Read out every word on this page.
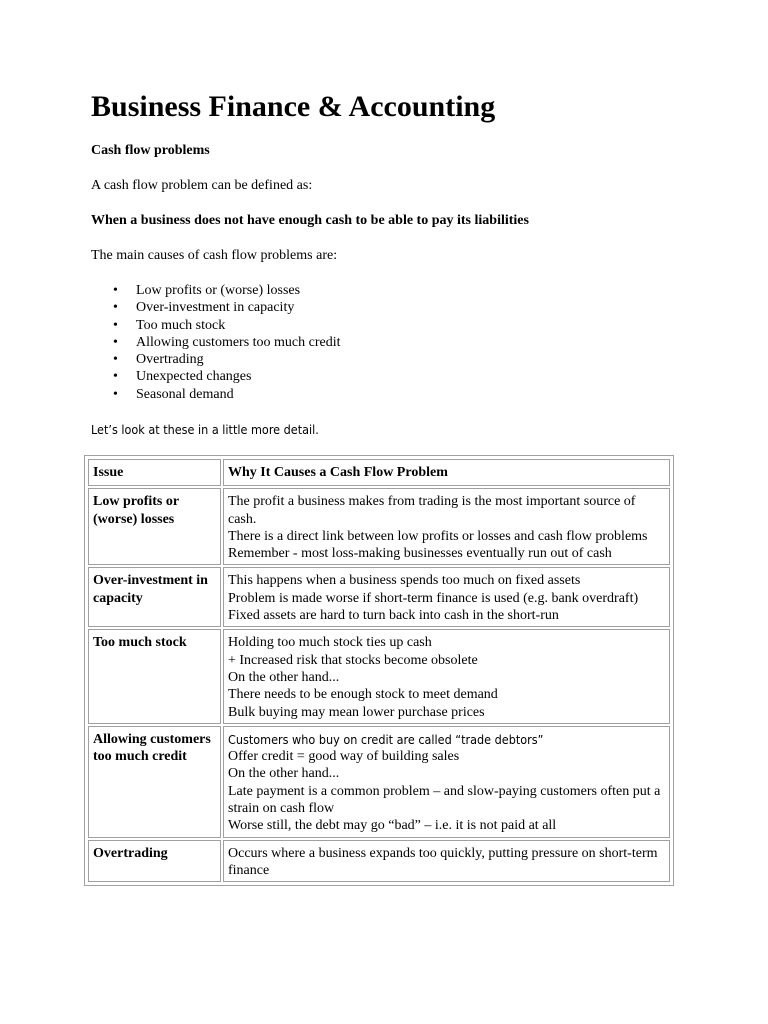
Business Finance & Accounting

Cash flow problems

A cash flow problem can be defined as:

When a business does not have enough cash to be able to pay its liabilities

The main causes of cash flow problems are:

• Low profits or (worse) losses
• Over-investment in capacity
• Too much stock
• Allowing customers too much credit
• Overtrading
• Unexpected changes
• Seasonal demand

Let’s look at these in a little more detail.

Issue	Why It Causes a Cash Flow Problem
Low profits or (worse) losses	The profit a business makes from trading is the most important source of cash.
There is a direct link between low profits or losses and cash flow problems
Remember - most loss-making businesses eventually run out of cash

Over-investment in capacity	This happens when a business spends too much on fixed assets
Problem is made worse if short-term finance is used (e.g. bank overdraft)
Fixed assets are hard to turn back into cash in the short-run

Too much stock	Holding too much stock ties up cash
+ Increased risk that stocks become obsolete
On the other hand...
There needs to be enough stock to meet demand
Bulk buying may mean lower purchase prices

Allowing customers too much credit	Customers who buy on credit are called “trade debtors”
Offer credit = good way of building sales
On the other hand...
Late payment is a common problem – and slow-paying customers often put a strain on cash flow
Worse still, the debt may go “bad” – i.e. it is not paid at all

Overtrading	Occurs where a business expands too quickly, putting pressure on short-term finance
